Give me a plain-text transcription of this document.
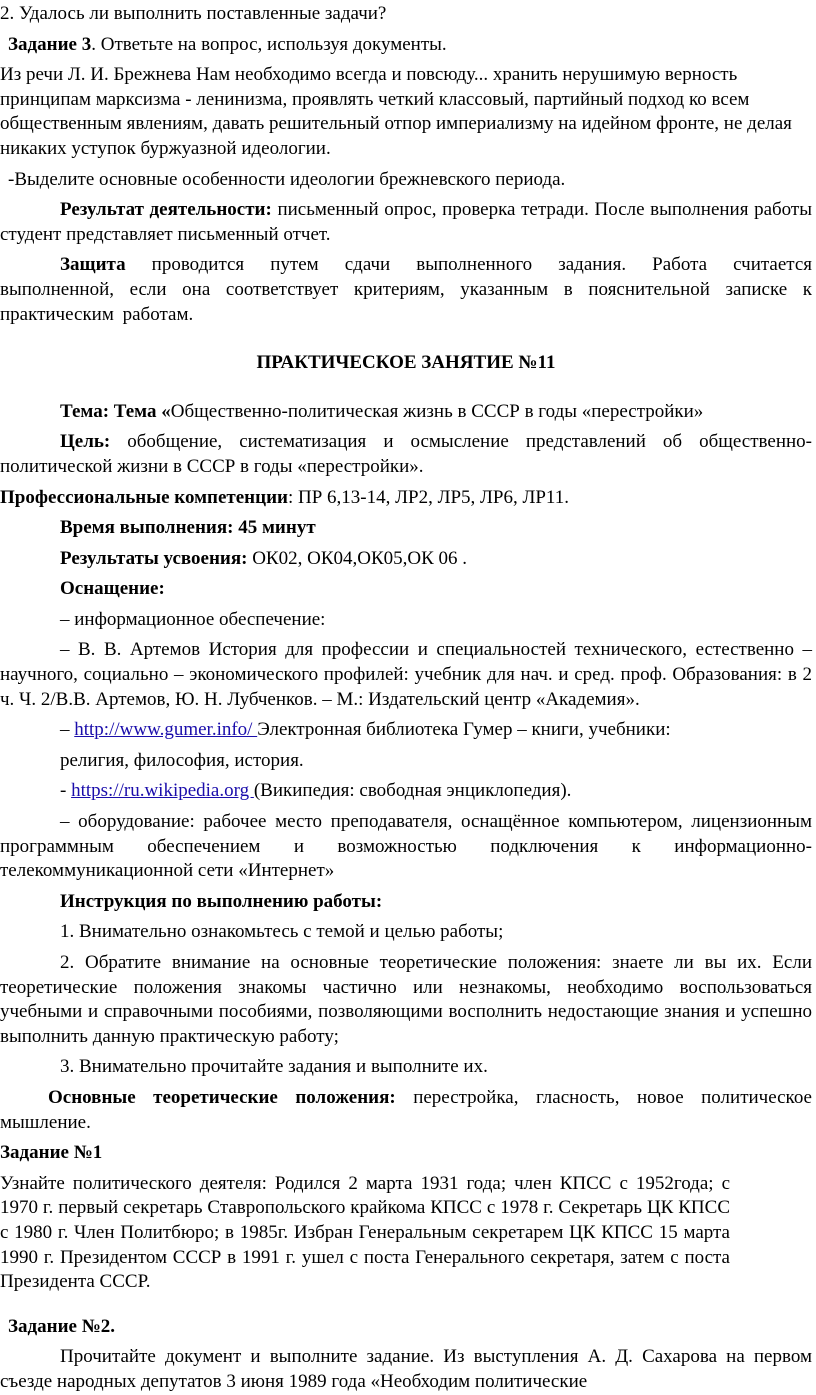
2. Удалось ли выполнить поставленные задачи?

Задание 3. Ответьте на вопрос, используя документы.

Из речи Л. И. Брежнева Нам необходимо всегда и повсюду... хранить нерушимую верность принципам марксизма - ленинизма, проявлять четкий классовый, партийный подход ко всем общественным явлениям, давать решительный отпор империализму на идейном фронте, не делая никаких уступок буржуазной идеологии.

-Выделите основные особенности идеологии брежневского периода.

Результат деятельности: письменный опрос, проверка тетради. После выполнения работы студент представляет письменный отчет.

Защита проводится путем сдачи выполненного задания. Работа считается выполненной, если она соответствует критериям, указанным в пояснительной записке к практическим работам.

ПРАКТИЧЕСКОЕ ЗАНЯТИЕ №11

Тема: Тема «Общественно-политическая жизнь в СССР в годы «перестройки»

Цель: обобщение, систематизация и осмысление представлений об общественно-политической жизни в СССР в годы «перестройки».

Профессиональные компетенции: ПР 6,13-14, ЛР2, ЛР5, ЛР6, ЛР11.

Время выполнения: 45 минут

Результаты усвоения: ОК02, ОК04,ОК05,ОК 06 .

Оснащение:

– информационное обеспечение:

– В. В. Артемов История для профессии и специальностей технического, естественно – научного, социально – экономического профилей: учебник для нач. и сред. проф. Образования: в 2 ч. Ч. 2/В.В. Артемов, Ю. Н. Лубченков. – М.: Издательский центр «Академия».

– http://www.gumer.info/ Электронная библиотека Гумер – книги, учебники:

религия, философия, история.

- https://ru.wikipedia.org (Википедия: свободная энциклопедия).

– оборудование: рабочее место преподавателя, оснащённое компьютером, лицензионным программным обеспечением и возможностью подключения к информационно-телекоммуникационной сети «Интернет»

Инструкция по выполнению работы:

1. Внимательно ознакомьтесь с темой и целью работы;

2. Обратите внимание на основные теоретические положения: знаете ли вы их. Если теоретические положения знакомы частично или незнакомы, необходимо воспользоваться учебными и справочными пособиями, позволяющими восполнить недостающие знания и успешно выполнить данную практическую работу;

3. Внимательно прочитайте задания и выполните их.

Основные теоретические положения: перестройка, гласность, новое политическое мышление.

Задание №1

Узнайте политического деятеля: Родился 2 марта 1931 года; член КПСС с 1952года; с 1970 г. первый секретарь Ставропольского крайкома КПСС с 1978 г. Секретарь ЦК КПСС с 1980 г. Член Политбюро; в 1985г. Избран Генеральным секретарем ЦК КПСС 15 марта 1990 г. Президентом СССР в 1991 г. ушел с поста Генерального секретаря, затем с поста Президента СССР.

Задание №2.

Прочитайте документ и выполните задание. Из выступления А. Д. Сахарова на первом съезде народных депутатов 3 июня 1989 года «Необходим политические
